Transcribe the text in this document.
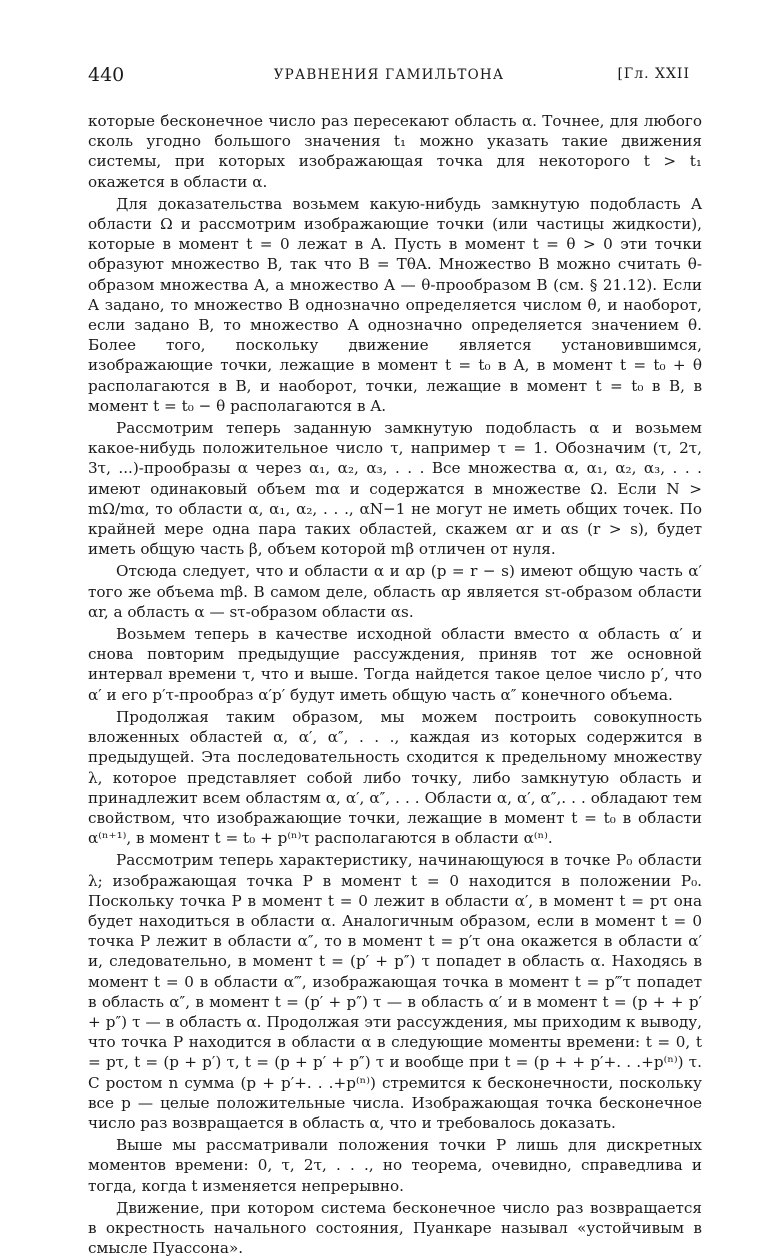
440	УРАВНЕНИЯ ГАМИЛЬТОНА	[Гл. XXII

которые бесконечное число раз пересекают область α. Точнее, для любого сколь угодно большого значения t₁ можно указать такие движения системы, при которых изображающая точка для некоторого t > t₁ окажется в области α.

Для доказательства возьмем какую-нибудь замкнутую подобласть A области Ω и рассмотрим изображающие точки (или частицы жидкости), которые в момент t = 0 лежат в A. Пусть в момент t = θ > 0 эти точки образуют множество B, так что B = TθA. Множество B можно считать θ-образом множества A, а множество A — θ-прообразом B (см. § 21.12). Если A задано, то множество B однозначно определяется числом θ, и наоборот, если задано B, то множество A однозначно определяется значением θ. Более того, поскольку движение является установившимся, изображающие точки, лежащие в момент t = t₀ в A, в момент t = t₀ + θ располагаются в B, и наоборот, точки, лежащие в момент t = t₀ в B, в момент t = t₀ − θ располагаются в A.

Рассмотрим теперь заданную замкнутую подобласть α и возьмем какое-нибудь положительное число τ, например τ = 1. Обозначим (τ, 2τ, 3τ, ...)-прообразы α через α₁, α₂, α₃, . . . Все множества α, α₁, α₂, α₃, . . . имеют одинаковый объем mα и содержатся в множестве Ω. Если N > mΩ/mα, то области α, α₁, α₂, . . ., αN−1 не могут не иметь общих точек. По крайней мере одна пара таких областей, скажем αr и αs (r > s), будет иметь общую часть β, объем которой mβ отличен от нуля.

Отсюда следует, что и области α и αp (p = r − s) имеют общую часть α′ того же объема mβ. В самом деле, область αp является sτ-образом области αr, а область α — sτ-образом области αs.

Возьмем теперь в качестве исходной области вместо α область α′ и снова повторим предыдущие рассуждения, приняв тот же основной интервал времени τ, что и выше. Тогда найдется такое целое число p′, что α′ и его p′τ-прообраз α′p′ будут иметь общую часть α″ конечного объема.

Продолжая таким образом, мы можем построить совокупность вложенных областей α, α′, α″, . . ., каждая из которых содержится в предыдущей. Эта последовательность сходится к предельному множеству λ, которое представляет собой либо точку, либо замкнутую область и принадлежит всем областям α, α′, α″, . . . Области α, α′, α″,. . . обладают тем свойством, что изображающие точки, лежащие в момент t = t₀ в области α⁽ⁿ⁺¹⁾, в момент t = t₀ + p⁽ⁿ⁾τ располагаются в области α⁽ⁿ⁾.

Рассмотрим теперь характеристику, начинающуюся в точке P₀ области λ; изображающая точка P в момент t = 0 находится в положении P₀. Поскольку точка P в момент t = 0 лежит в области α′, в момент t = pτ она будет находиться в области α. Аналогичным образом, если в момент t = 0 точка P лежит в области α″, то в момент t = p′τ она окажется в области α′ и, следовательно, в момент t = (p′ + p″) τ попадет в область α. Находясь в момент t = 0 в области α‴, изображающая точка в момент t = p‴τ попадет в область α″, в момент t = (p′ + p″) τ — в область α′ и в момент t = (p + + p′ + p″) τ — в область α. Продолжая эти рассуждения, мы приходим к выводу, что точка P находится в области α в следующие моменты времени: t = 0, t = pτ, t = (p + p′) τ, t = (p + p′ + p″) τ и вообще при t = (p + + p′+. . .+p⁽ⁿ⁾) τ. С ростом n сумма (p + p′+. . .+p⁽ⁿ⁾) стремится к бесконечности, поскольку все p — целые положительные числа. Изображающая точка бесконечное число раз возвращается в область α, что и требовалось доказать.

Выше мы рассматривали положения точки P лишь для дискретных моментов времени: 0, τ, 2τ, . . ., но теорема, очевидно, справедлива и тогда, когда t изменяется непрерывно.

Движение, при котором система бесконечное число раз возвращается в окрестность начального состояния, Пуанкаре называл «устойчивым в смысле Пуассона».
